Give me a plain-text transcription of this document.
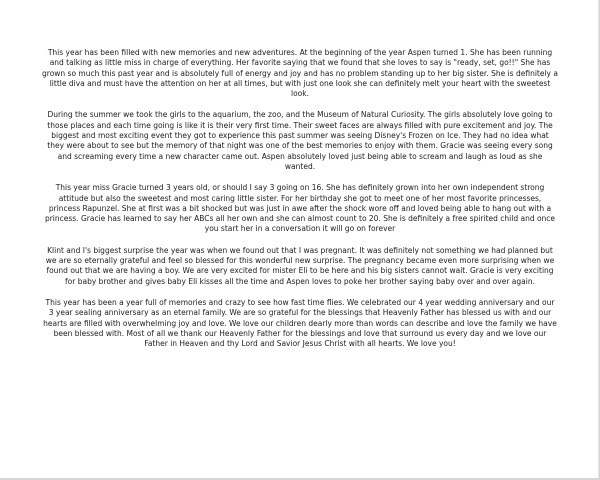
This year has been filled with new memories and new adventures. At the beginning of the year Aspen turned 1. She has been running and talking as little miss in charge of everything. Her favorite saying that we found that she loves to say is "ready, set, go!!" She has grown so much this past year and is absolutely full of energy and joy and has no problem standing up to her big sister. She is definitely a little diva and must have the attention on her at all times, but with just one look she can definitely melt your heart with the sweetest look.

During the summer we took the girls to the aquarium, the zoo, and the Museum of Natural Curiosity. The girls absolutely love going to those places and each time going is like it is their very first time. Their sweet faces are always filled with pure excitement and joy. The biggest and most exciting event they got to experience this past summer was seeing Disney's Frozen on Ice. They had no idea what they were about to see but the memory of that night was one of the best memories to enjoy with them. Gracie was seeing every song and screaming every time a new character came out. Aspen absolutely loved just being able to scream and laugh as loud as she wanted.

This year miss Gracie turned 3 years old, or should I say 3 going on 16. She has definitely grown into her own independent strong attitude but also the sweetest and most caring little sister. For her birthday she got to meet one of her most favorite princesses, princess Rapunzel. She at first was a bit shocked but was just in awe after the shock wore off and loved being able to hang out with a princess. Gracie has learned to say her ABCs all her own and she can almost count to 20. She is definitely a free spirited child and once you start her in a conversation it will go on forever

Klint and I's biggest surprise the year was when we found out that I was pregnant. It was definitely not something we had planned but we are so eternally grateful and feel so blessed for this wonderful new surprise. The pregnancy became even more surprising when we found out that we are having a boy. We are very excited for mister Eli to be here and his big sisters cannot wait. Gracie is very exciting for baby brother and gives baby Eli kisses all the time and Aspen loves to poke her brother saying baby over and over again.

This year has been a year full of memories and crazy to see how fast time flies. We celebrated our 4 year wedding anniversary and our 3 year sealing anniversary as an eternal family. We are so grateful for the blessings that Heavenly Father has blessed us with and our hearts are filled with overwhelming joy and love. We love our children dearly more than words can describe and love the family we have been blessed with. Most of all we thank our Heavenly Father for the blessings and love that surround us every day and we love our Father in Heaven and thy Lord and Savior Jesus Christ with all hearts. We love you!
